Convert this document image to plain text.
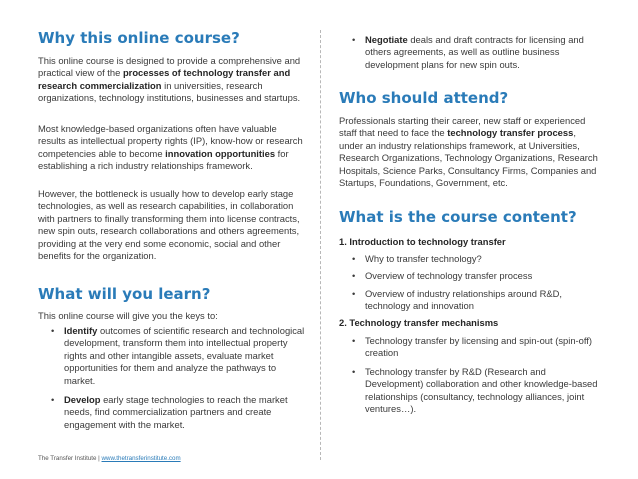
Why this online course?

This online course is designed to provide a comprehensive and practical view of the processes of technology transfer and research commercialization in universities, research organizations, technology institutions, businesses and startups.

Most knowledge-based organizations often have valuable results as intellectual property rights (IP), know-how or research competencies able to become innovation opportunities for establishing a rich industry relationships framework.

However, the bottleneck is usually how to develop early stage technologies, as well as research capabilities, in collaboration with partners to finally transforming them into license contracts, new spin outs, research collaborations and others agreements, providing at the very end some economic, social and other benefits for the organization.

What will you learn?

This online course will give you the keys to:

• Identify outcomes of scientific research and technological development, transform them into intellectual property rights and other intangible assets, evaluate market opportunities for them and analyze the pathways to market.
• Develop early stage technologies to reach the market needs, find commercialization partners and create engagement with the market.
• Negotiate deals and draft contracts for licensing and others agreements, as well as outline business development plans for new spin outs.
Who should attend?

Professionals starting their career, new staff or experienced staff that need to face the technology transfer process, under an industry relationships framework, at Universities, Research Organizations, Technology Organizations, Research Hospitals, Science Parks, Consultancy Firms, Companies and Startups, Foundations, Government, etc.

What is the course content?
1. Introduction to technology transfer
• Why to transfer technology?
• Overview of technology transfer process
• Overview of industry relationships around R&D, technology and innovation
2. Technology transfer mechanisms
• Technology transfer by licensing and spin-out (spin-off) creation
• Technology transfer by R&D (Research and Development) collaboration and other knowledge-based relationships (consultancy, technology alliances, joint ventures…).
The Transfer Institute | www.thetransferinstitute.com
